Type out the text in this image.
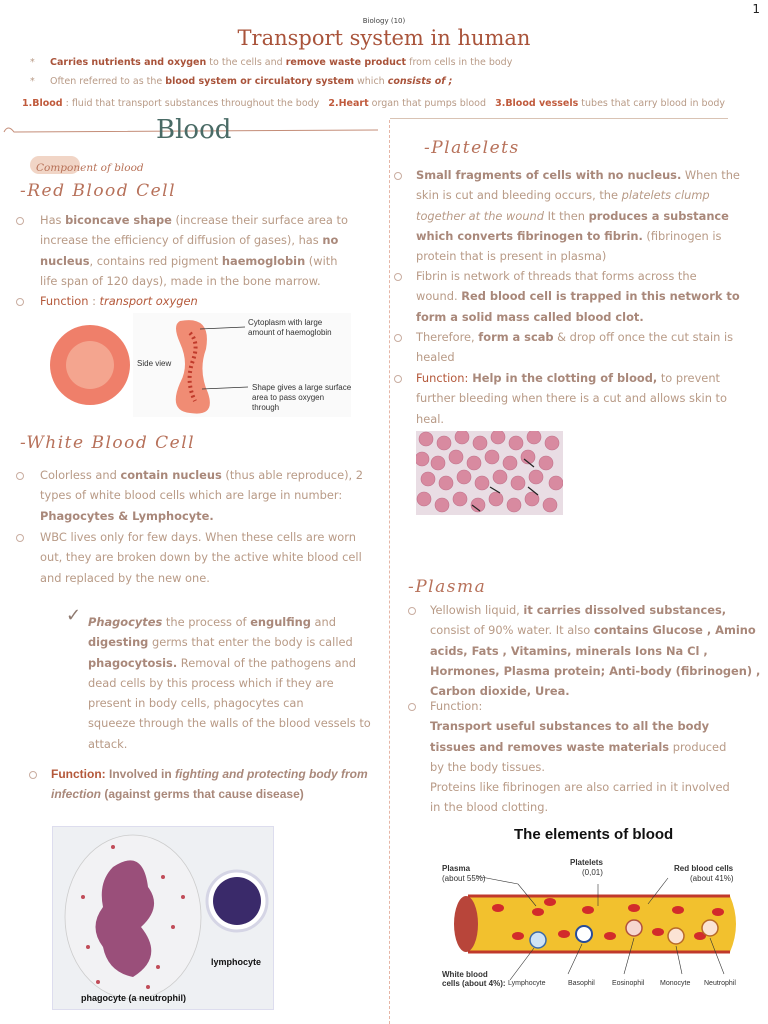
1
Biology (10)
Transport system in human
* Carries nutrients and oxygen to the cells and remove waste product from cells in the body
* Often referred to as the blood system or circulatory system which consists of ;
1.Blood : fluid that transport substances throughout the body 2.Heart organ that pumps blood 3.Blood vessels tubes that carry blood in body
Blood
Component of blood
-Red Blood Cell
Has biconcave shape (increase their surface area to
increase the efficiency of diffusion of gases), has no
nucleus, contains red pigment haemoglobin (with
life span of 120 days), made in the bone marrow.
Function : transport oxygen
Cytoplasm with large amount of haemoglobin
Side view
Shape gives a large surface area to pass oxygen through
-White Blood Cell
Colorless and contain nucleus (thus able reproduce), 2
types of white blood cells which are large in number:
Phagocytes & Lymphocyte.
WBC lives only for few days. When these cells are worn
out, they are broken down by the active white blood cell
and replaced by the new one.
✓ Phagocytes the process of engulfing and
digesting germs that enter the body is called
phagocytosis. Removal of the pathogens and
dead cells by this process which if they are
present in body cells, phagocytes can
squeeze through the walls of the blood vessels to
attack.
Function: Involved in fighting and protecting body from
infection (against germs that cause disease)
lymphocyte
phagocyte (a neutrophil)
-Platelets
Small fragments of cells with no nucleus. When the
skin is cut and bleeding occurs, the platelets clump
together at the wound It then produces a substance
which converts fibrinogen to fibrin. (fibrinogen is
protein that is present in plasma)
Fibrin is network of threads that forms across the
wound. Red blood cell is trapped in this network to
form a solid mass called blood clot.
Therefore, form a scab & drop off once the cut stain is
healed
Function: Help in the clotting of blood, to prevent
further bleeding when there is a cut and allows skin to
heal.
-Plasma
Yellowish liquid, it carries dissolved substances,
consist of 90% water. It also contains Glucose , Amino
acids, Fats , Vitamins, minerals Ions Na Cl ,
Hormones, Plasma protein; Anti-body (fibrinogen) ,
Carbon dioxide, Urea.
Function:
Transport useful substances to all the body
tissues and removes waste materials produced
by the body tissues.
Proteins like fibrinogen are also carried in it involved
in the blood clotting.
The elements of blood
Plasma
(about 55%)
Platelets
(0,01)	Red blood cells
(about 41%)
White blood
cells (about 4%): Lymphocyte	Basophil Eosinophil Monocyte Neutrophil
